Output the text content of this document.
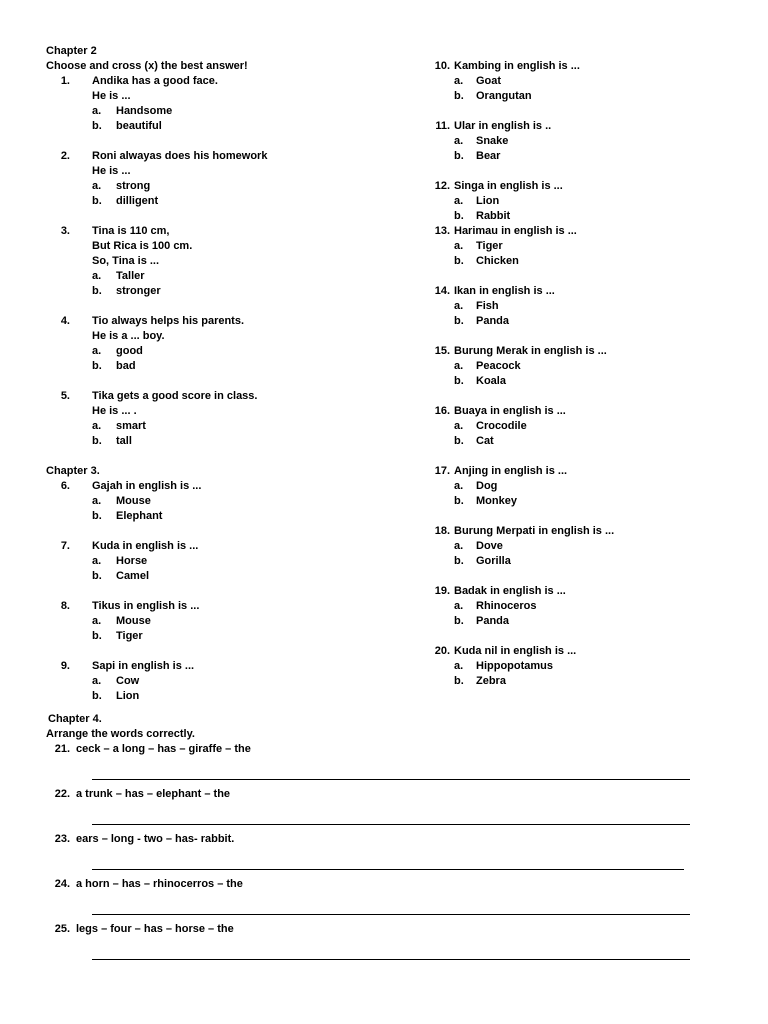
Chapter 2
Choose and cross (x) the best answer!
1. Andika has a good face.
He is ...
a. Handsome
b. beautiful
2. Roni alwayas does his homework
He is ...
a. strong
b. dilligent
3. Tina is 110 cm,
But Rica is 100 cm.
So, Tina is ...
a. Taller
b. stronger
4. Tio always helps his parents.
He is a ... boy.
a. good
b. bad
5. Tika gets a good score in class.
He is ... .
a. smart
b. tall
Chapter 3.
6. Gajah in english is ...
a. Mouse
b. Elephant
7. Kuda in english is ...
a. Horse
b. Camel
8. Tikus in english is ...
a. Mouse
b. Tiger
9. Sapi in english is ...
a. Cow
b. Lion
10. Kambing in english is ...
a. Goat
b. Orangutan
11. Ular in english is ..
a. Snake
b. Bear
12. Singa in english is ...
a. Lion
b. Rabbit
13. Harimau in english is ...
a. Tiger
b. Chicken
14. Ikan in english is ...
a. Fish
b. Panda
15. Burung Merak in english is ...
a. Peacock
b. Koala
16. Buaya in english is ...
a. Crocodile
b. Cat
17. Anjing in english is ...
a. Dog
b. Monkey
18. Burung Merpati in english is ...
a. Dove
b. Gorilla
19. Badak in english is ...
a. Rhinoceros
b. Panda
20. Kuda nil in english is ...
a. Hippopotamus
b. Zebra
Chapter 4.
Arrange the words correctly.
21. ceck – a long – has – giraffe – the
22. a trunk – has – elephant – the
23. ears – long - two – has- rabbit.
24. a horn – has – rhinocerros – the
25. legs – four – has – horse – the
